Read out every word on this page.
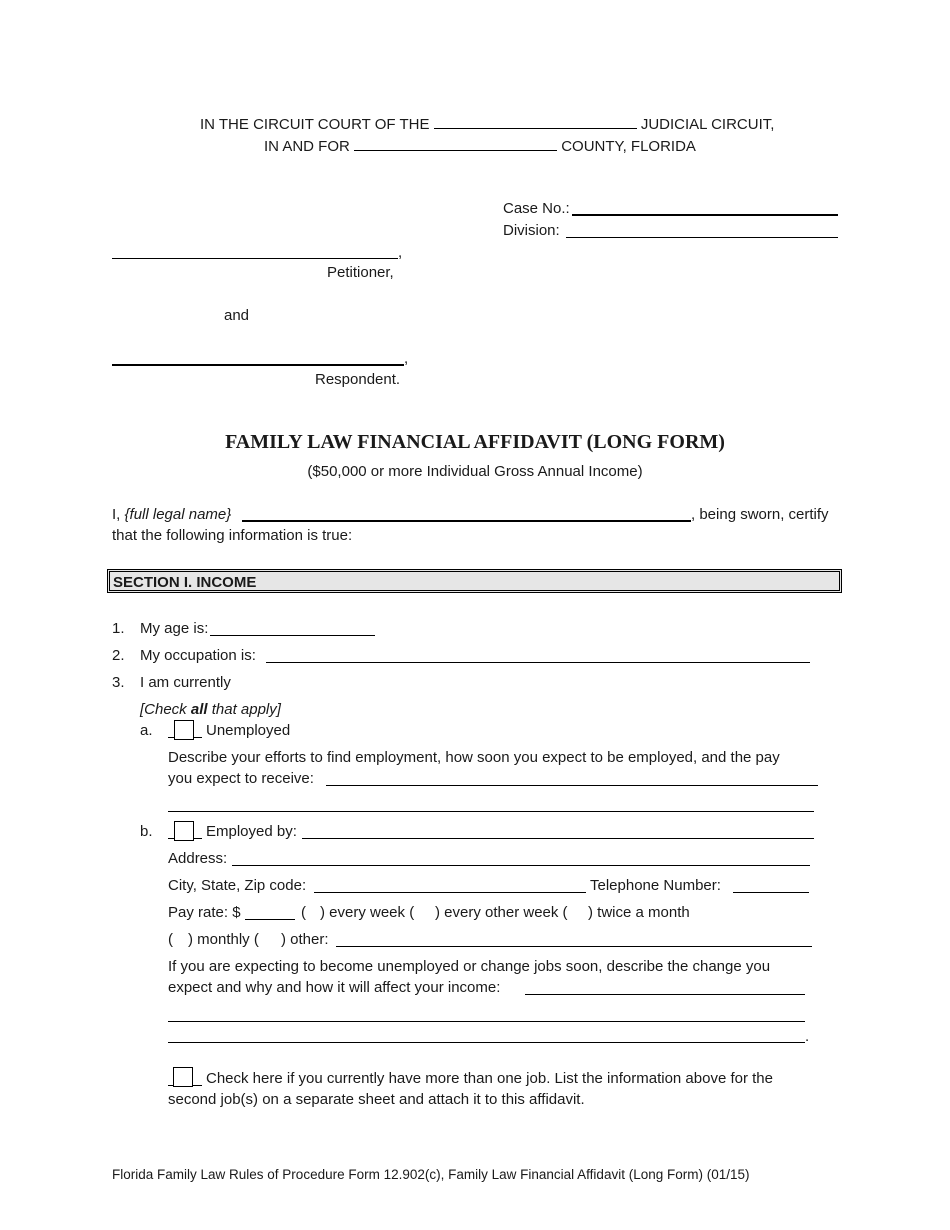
IN THE CIRCUIT COURT OF THE	JUDICIAL CIRCUIT,
IN AND FOR	COUNTY, FLORIDA
Case No.:
Division:
,
Petitioner,
and
,
Respondent.
FAMILY LAW FINANCIAL AFFIDAVIT (LONG FORM)
($50,000 or more Individual Gross Annual Income)
I, {full legal name}	, being sworn, certify
that the following information is true:
SECTION I. INCOME
1. My age is:
2. My occupation is:
3. I am currently
[Check all that apply]
a.	Unemployed
Describe your efforts to find employment, how soon you expect to be employed, and the pay
you expect to receive:
b.	Employed by:
Address:
City, State, Zip code:	Telephone Number:
Pay rate: $	( ) every week ( ) every other week ( ) twice a month
( ) monthly ( ) other:
If you are expecting to become unemployed or change jobs soon, describe the change you
expect and why and how it will affect your income:
.
Check here if you currently have more than one job. List the information above for the
second job(s) on a separate sheet and attach it to this affidavit.
Florida Family Law Rules of Procedure Form 12.902(c), Family Law Financial Affidavit (Long Form) (01/15)
